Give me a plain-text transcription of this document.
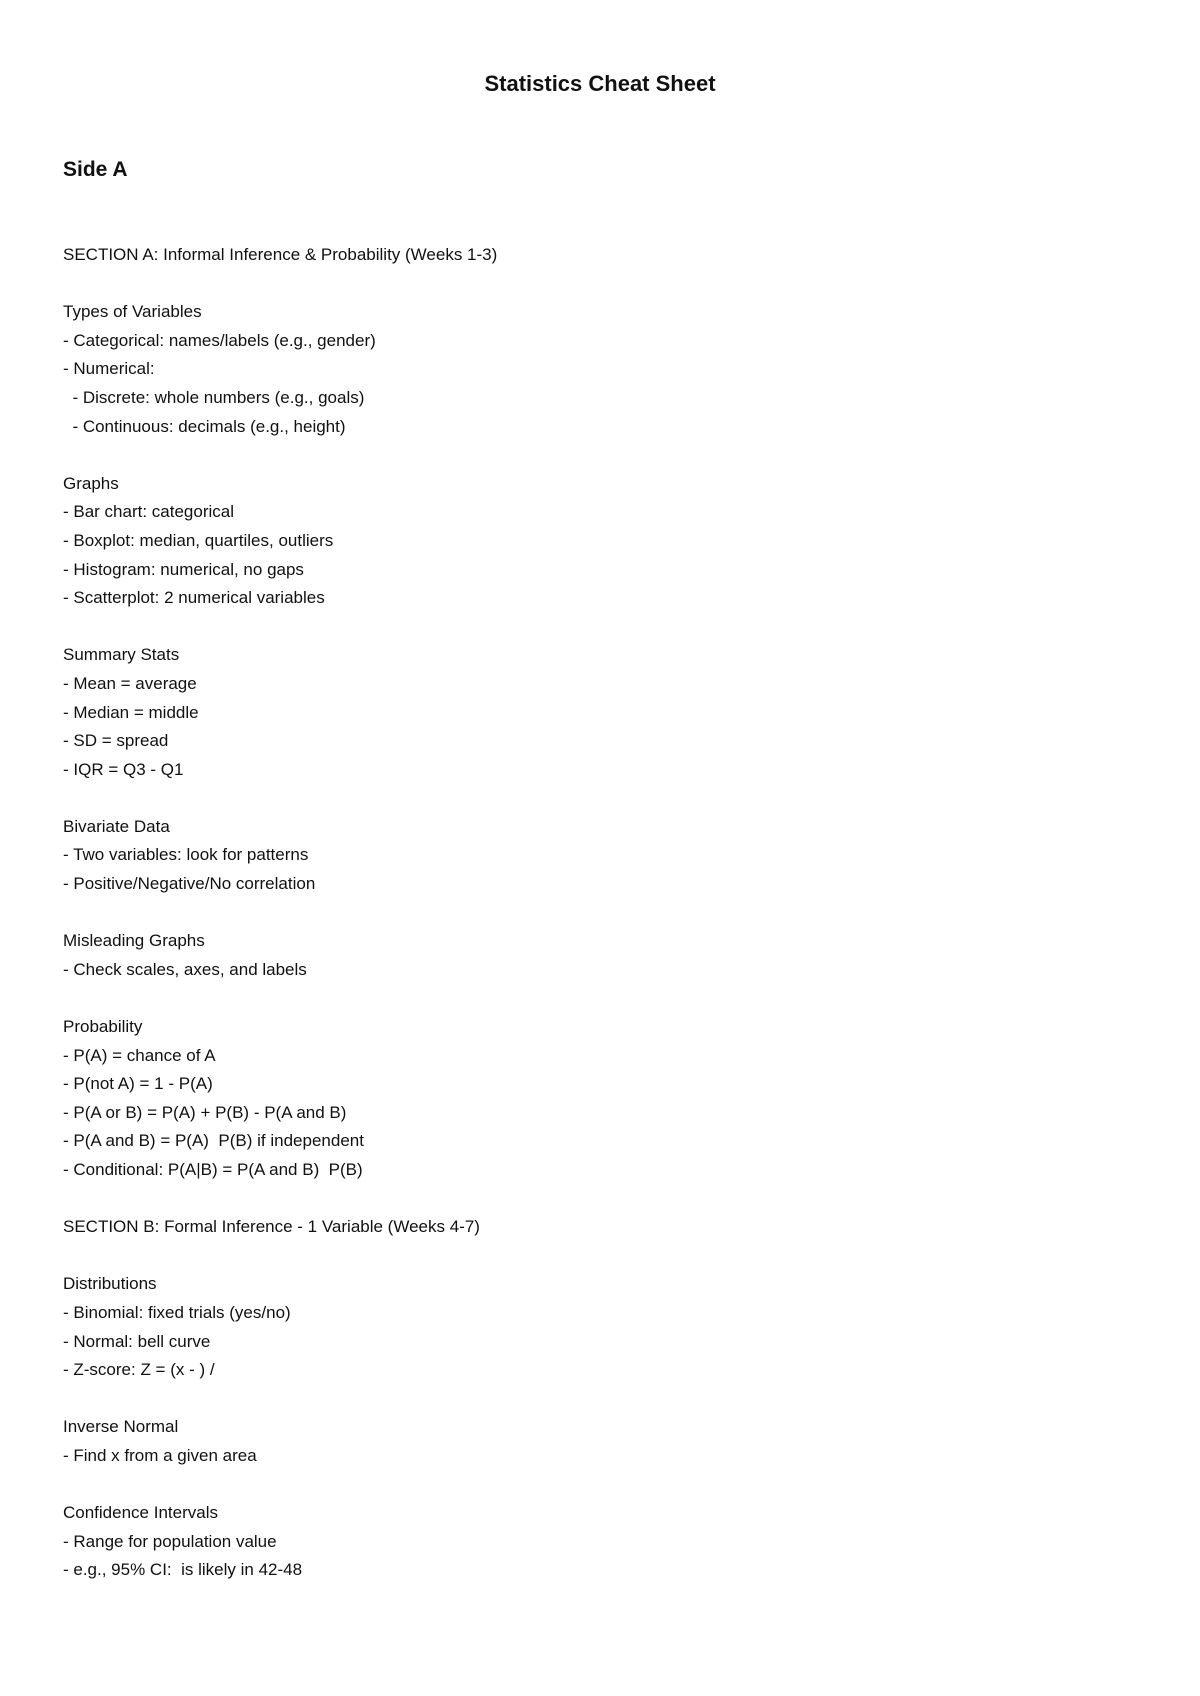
Statistics Cheat Sheet
Side A
SECTION A: Informal Inference & Probability (Weeks 1-3)
Types of Variables
- Categorical: names/labels (e.g., gender)
- Numerical:
- Discrete: whole numbers (e.g., goals)
- Continuous: decimals (e.g., height)
Graphs
- Bar chart: categorical
- Boxplot: median, quartiles, outliers
- Histogram: numerical, no gaps
- Scatterplot: 2 numerical variables
Summary Stats
- Mean = average
- Median = middle
- SD = spread
- IQR = Q3 - Q1
Bivariate Data
- Two variables: look for patterns
- Positive/Negative/No correlation
Misleading Graphs
- Check scales, axes, and labels
Probability
- P(A) = chance of A
- P(not A) = 1 - P(A)
- P(A or B) = P(A) + P(B) - P(A and B)
- P(A and B) = P(A)  P(B) if independent
- Conditional: P(A|B) = P(A and B)  P(B)
SECTION B: Formal Inference - 1 Variable (Weeks 4-7)
Distributions
- Binomial: fixed trials (yes/no)
- Normal: bell curve
- Z-score: Z = (x - ) /
Inverse Normal
- Find x from a given area
Confidence Intervals
- Range for population value
- e.g., 95% CI:  is likely in 42-48
